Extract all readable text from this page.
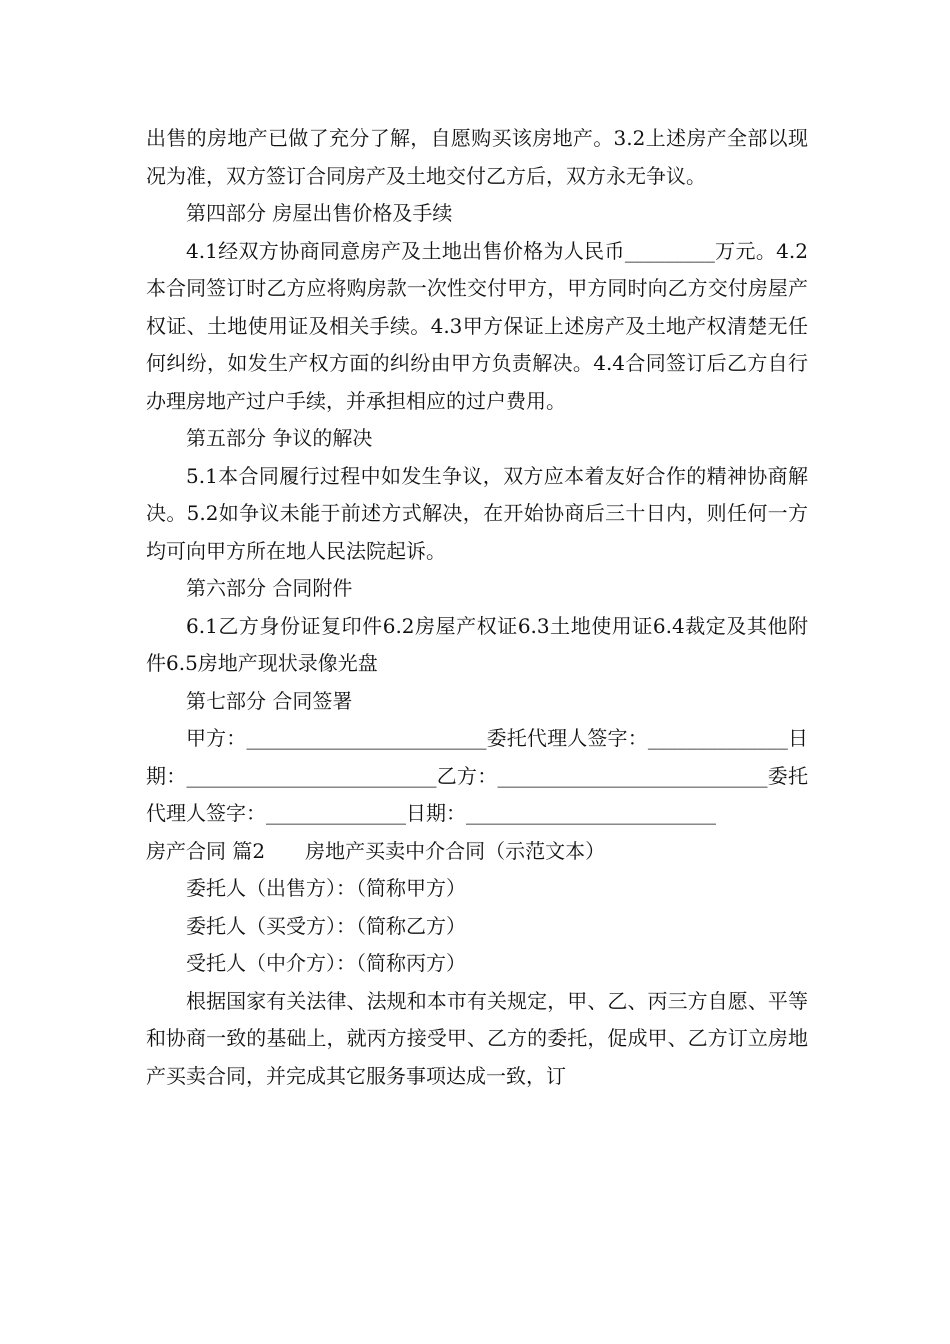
出售的房地产已做了充分了解，自愿购买该房地产。3.2上述房产全部以现况为准，双方签订合同房产及土地交付乙方后，双方永无争议。

第四部分 房屋出售价格及手续

4.1经双方协商同意房产及土地出售价格为人民币_________万元。4.2本合同签订时乙方应将购房款一次性交付甲方，甲方同时向乙方交付房屋产权证、土地使用证及相关手续。4.3甲方保证上述房产及土地产权清楚无任何纠纷，如发生产权方面的纠纷由甲方负责解决。4.4合同签订后乙方自行办理房地产过户手续，并承担相应的过户费用。

第五部分 争议的解决

5.1本合同履行过程中如发生争议，双方应本着友好合作的精神协商解决。5.2如争议未能于前述方式解决，在开始协商后三十日内，则任何一方均可向甲方所在地人民法院起诉。

第六部分 合同附件

6.1乙方身份证复印件6.2房屋产权证6.3土地使用证6.4裁定及其他附件6.5房地产现状录像光盘

第七部分 合同签署

甲方：________________________委托代理人签字：______________日期：_________________________乙方：___________________________委托代理人签字：______________日期：_________________________

房产合同 篇2　　房地产买卖中介合同（示范文本）

委托人（出售方）：（简称甲方）

委托人（买受方）：（简称乙方）

受托人（中介方）：（简称丙方）

根据国家有关法律、法规和本市有关规定，甲、乙、丙三方自愿、平等和协商一致的基础上，就丙方接受甲、乙方的委托，促成甲、乙方订立房地产买卖合同，并完成其它服务事项达成一致，订
